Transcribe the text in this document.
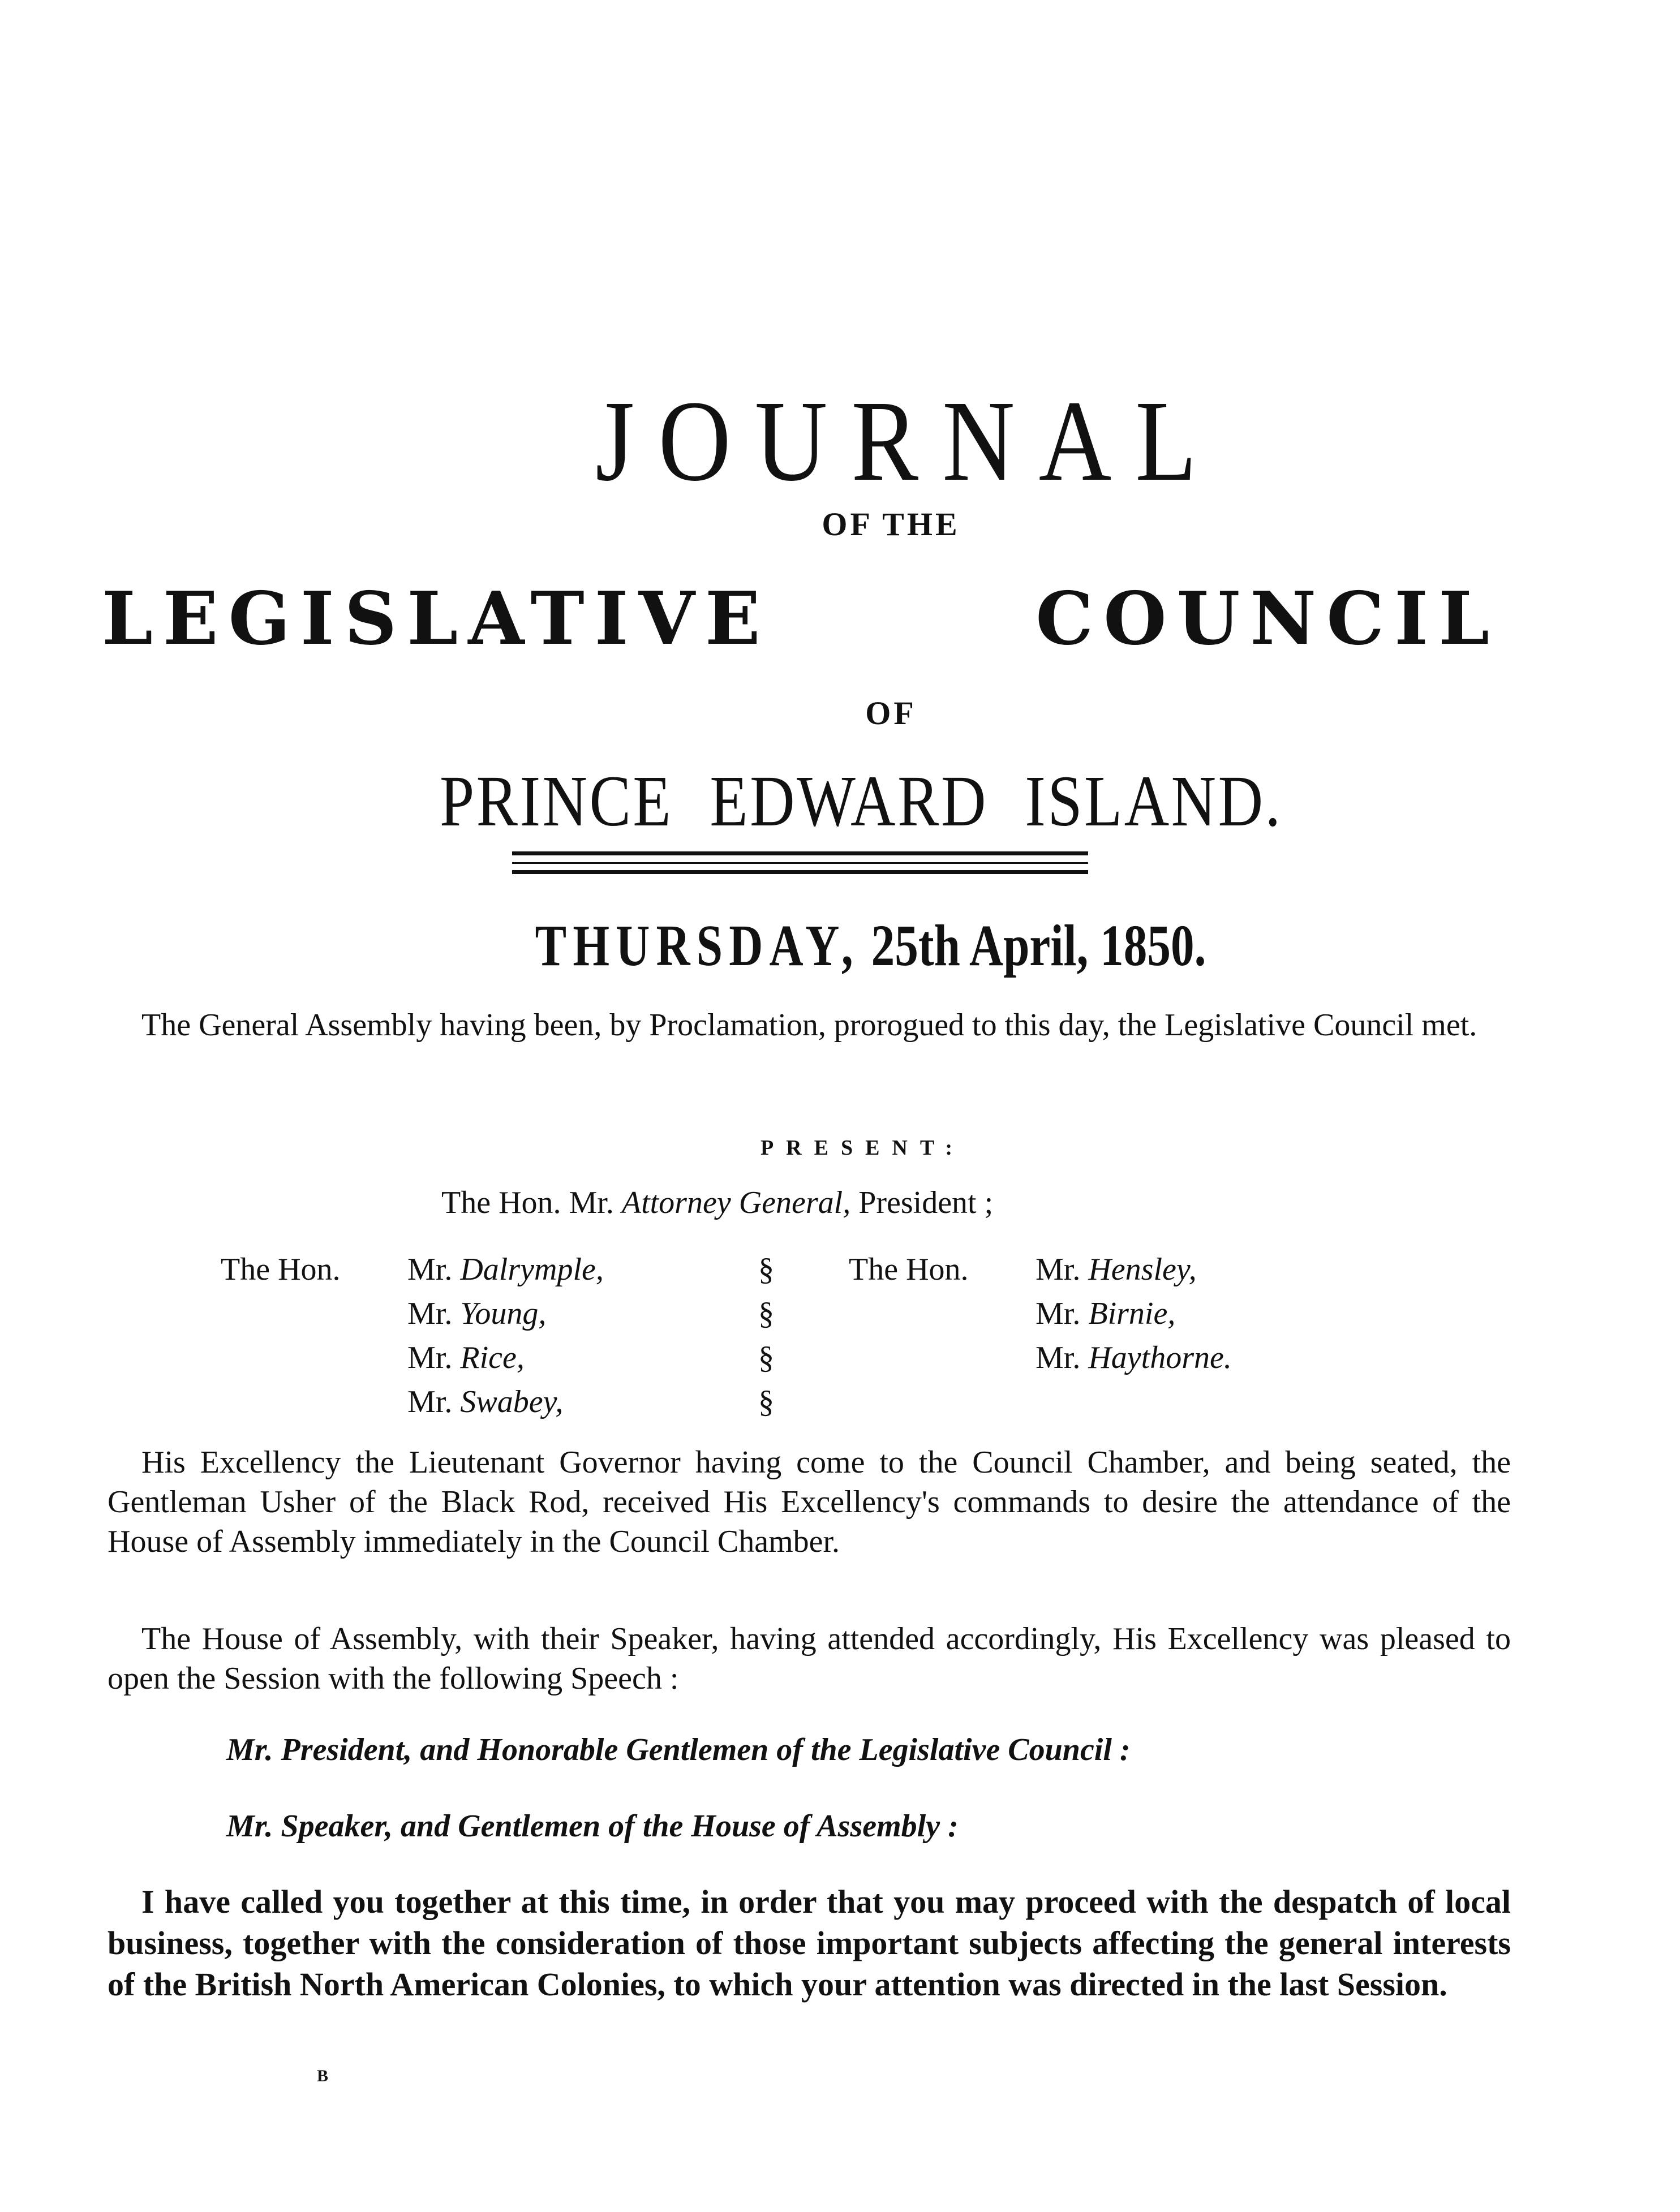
JOURNAL
OF THE
LEGISLATIVE	COUNCIL
OF
PRINCE EDWARD ISLAND.
THURSDAY, 25th April, 1850.
The General Assembly having been, by Proclamation, prorogued to this day, the Legislative Council met.
PRESENT:
The Hon. Mr. Attorney General, President ;
The Hon. Mr. Dalrymple,
Mr. Young,
Mr. Rice,
Mr. Swabey,
§
§
§
§
The Hon. Mr. Hensley,
Mr. Birnie,
Mr. Haythorne.
His Excellency the Lieutenant Governor having come to the Council Chamber, and being seated, the Gentleman Usher of the Black Rod, received His Excellency's commands to desire the attendance of the House of Assembly immediately in the Council Chamber.
The House of Assembly, with their Speaker, having attended accordingly, His Excellency was pleased to open the Session with the following Speech :
Mr. President, and Honorable Gentlemen of the Legislative Council :
Mr. Speaker, and Gentlemen of the House of Assembly :
I have called you together at this time, in order that you may proceed with the despatch of local business, together with the consideration of those important subjects affecting the general interests of the British North American Colonies, to which your attention was directed in the last Session.
B
